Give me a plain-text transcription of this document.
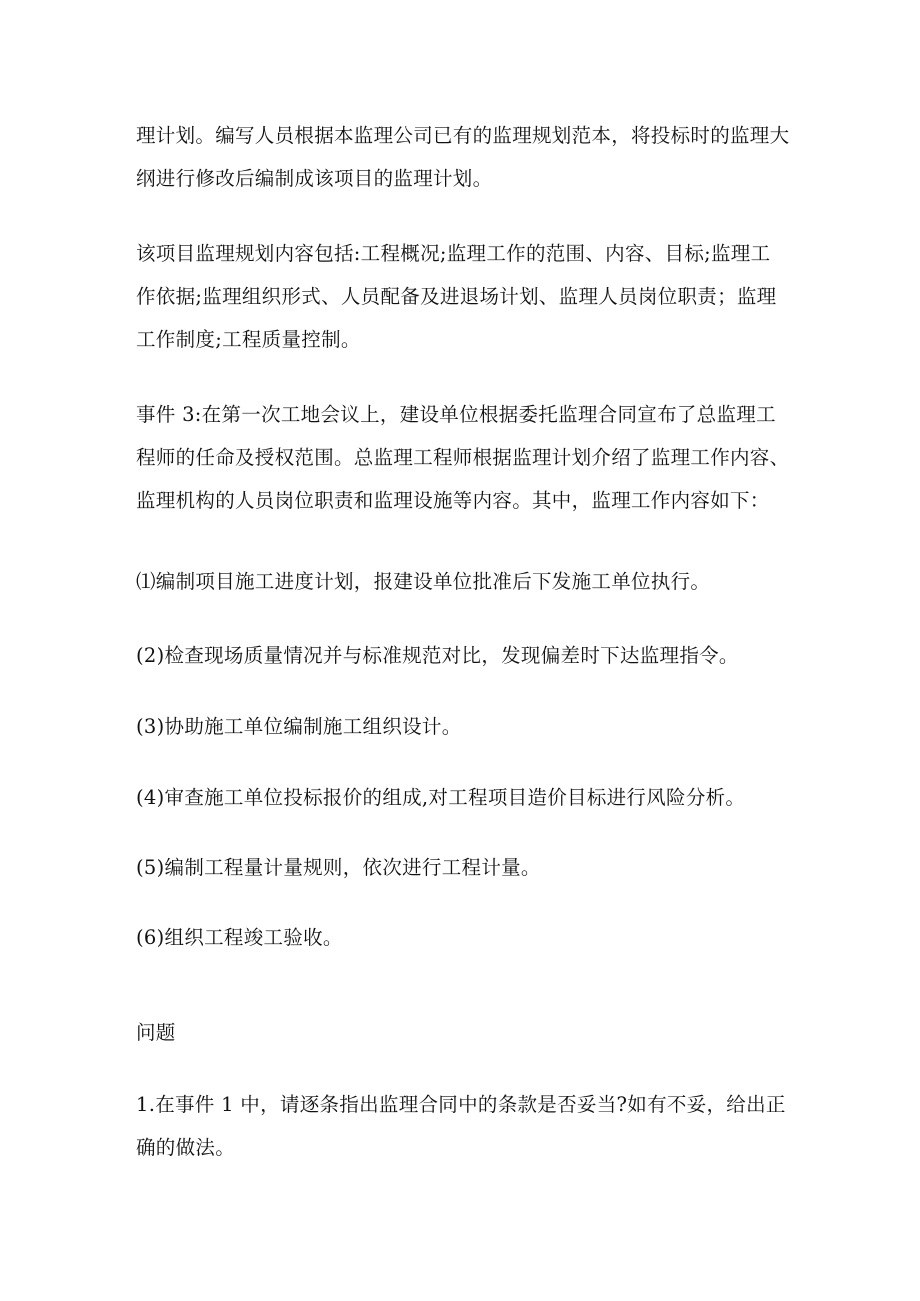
理计划。编写人员根据本监理公司已有的监理规划范本，将投标时的监理大
纲进行修改后编制成该项目的监理计划。

该项目监理规划内容包括:工程概况;监理工作的范围、内容、目标;监理工
作依据;监理组织形式、人员配备及进退场计划、监理人员岗位职责；监理
工作制度;工程质量控制。

事件 3:在第一次工地会议上，建设单位根据委托监理合同宣布了总监理工
程师的任命及授权范围。总监理工程师根据监理计划介绍了监理工作内容、
监理机构的人员岗位职责和监理设施等内容。其中，监理工作内容如下：

⑴编制项目施工进度计划，报建设单位批准后下发施工单位执行。

(2)检查现场质量情况并与标准规范对比，发现偏差时下达监理指令。

(3)协助施工单位编制施工组织设计。

(4)审查施工单位投标报价的组成,对工程项目造价目标进行风险分析。

(5)编制工程量计量规则，依次进行工程计量。

(6)组织工程竣工验收。

问题

1.在事件 1 中，请逐条指出监理合同中的条款是否妥当?如有不妥，给出正
确的做法。
